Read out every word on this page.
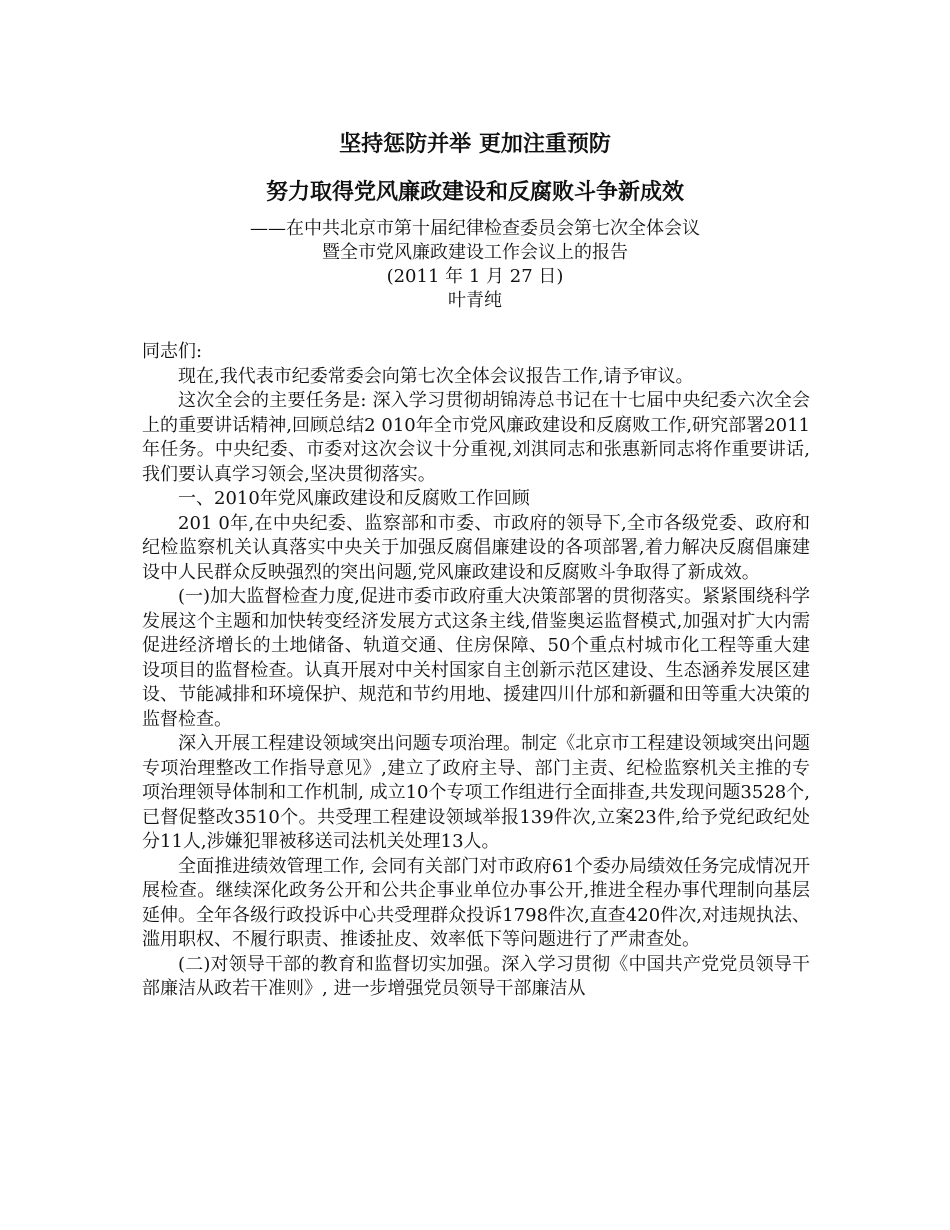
坚持惩防并举 更加注重预防
努力取得党风廉政建设和反腐败斗争新成效
——在中共北京市第十届纪律检查委员会第七次全体会议
暨全市党风廉政建设工作会议上的报告
(2011 年 1 月 27 日)
叶青纯

同志们:

现在,我代表市纪委常委会向第七次全体会议报告工作,请予审议。

这次全会的主要任务是: 深入学习贯彻胡锦涛总书记在十七届中央纪委六次全会上的重要讲话精神,回顾总结2 010年全市党风廉政建设和反腐败工作,研究部署2011年任务。中央纪委、市委对这次会议十分重视,刘淇同志和张惠新同志将作重要讲话,我们要认真学习领会,坚决贯彻落实。

一、2010年党风廉政建设和反腐败工作回顾

201 0年,在中央纪委、监察部和市委、市政府的领导下,全市各级党委、政府和纪检监察机关认真落实中央关于加强反腐倡廉建设的各项部署,着力解决反腐倡廉建设中人民群众反映强烈的突出问题,党风廉政建设和反腐败斗争取得了新成效。

(一)加大监督检查力度,促进市委市政府重大决策部署的贯彻落实。紧紧围绕科学发展这个主题和加快转变经济发展方式这条主线,借鉴奥运监督模式,加强对扩大内需促进经济增长的土地储备、轨道交通、住房保障、50个重点村城市化工程等重大建设项目的监督检查。认真开展对中关村国家自主创新示范区建设、生态涵养发展区建设、节能减排和环境保护、规范和节约用地、援建四川什邡和新疆和田等重大决策的监督检查。

深入开展工程建设领域突出问题专项治理。制定《北京市工程建设领域突出问题专项治理整改工作指导意见》,建立了政府主导、部门主责、纪检监察机关主推的专项治理领导体制和工作机制, 成立10个专项工作组进行全面排查,共发现问题3528个,已督促整改3510个。共受理工程建设领域举报139件次,立案23件,给予党纪政纪处分11人,涉嫌犯罪被移送司法机关处理13人。

全面推进绩效管理工作, 会同有关部门对市政府61个委办局绩效任务完成情况开展检查。继续深化政务公开和公共企事业单位办事公开,推进全程办事代理制向基层延伸。全年各级行政投诉中心共受理群众投诉1798件次,直查420件次,对违规执法、滥用职权、不履行职责、推诿扯皮、效率低下等问题进行了严肃查处。

(二)对领导干部的教育和监督切实加强。深入学习贯彻《中国共产党党员领导干部廉洁从政若干准则》, 进一步增强党员领导干部廉洁从
